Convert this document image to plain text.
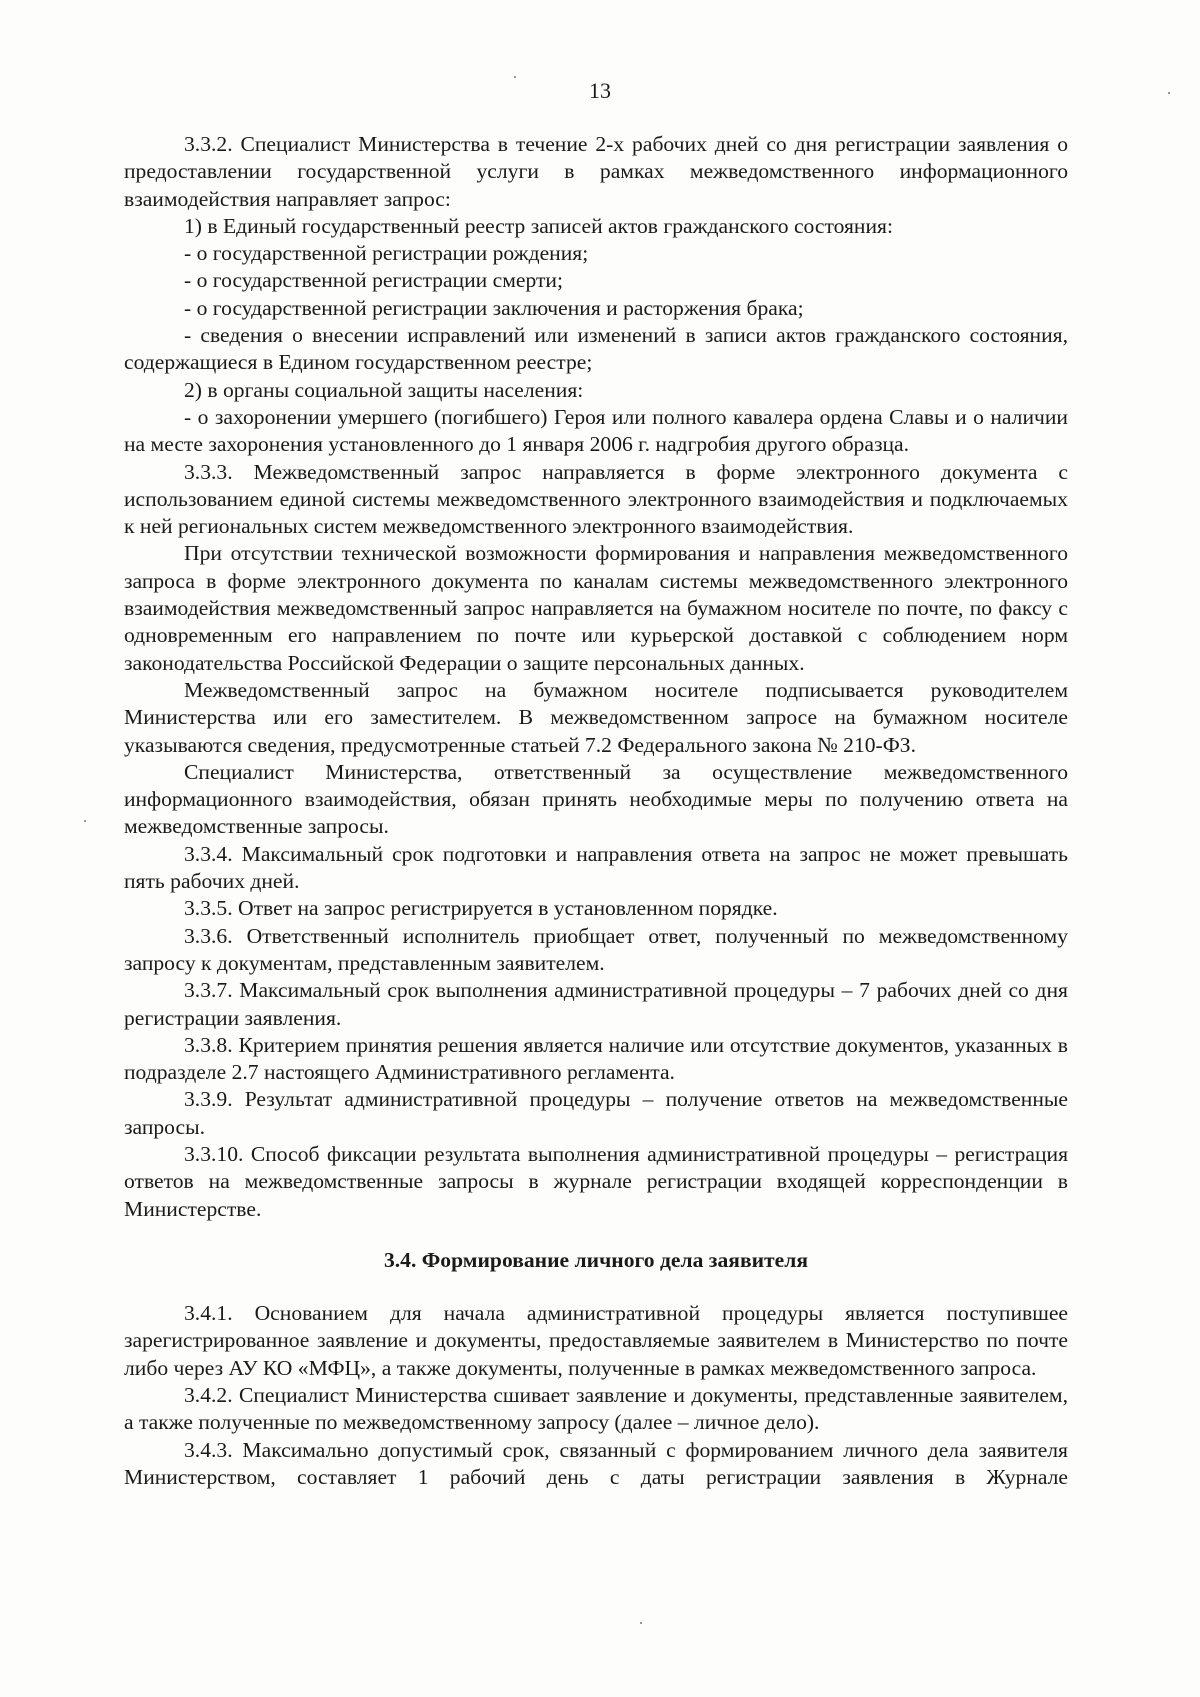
13

3.3.2. Специалист Министерства в течение 2-х рабочих дней со дня регистрации заявления о предоставлении государственной услуги в рамках межведомственного информационного взаимодействия направляет запрос:

1) в Единый государственный реестр записей актов гражданского состояния:

- о государственной регистрации рождения;

- о государственной регистрации смерти;

- о государственной регистрации заключения и расторжения брака;

- сведения о внесении исправлений или изменений в записи актов гражданского состояния, содержащиеся в Едином государственном реестре;

2) в органы социальной защиты населения:

- о захоронении умершего (погибшего) Героя или полного кавалера ордена Славы и о наличии на месте захоронения установленного до 1 января 2006 г. надгробия другого образца.

3.3.3. Межведомственный запрос направляется в форме электронного документа с использованием единой системы межведомственного электронного взаимодействия и подключаемых к ней региональных систем межведомственного электронного взаимодействия.

При отсутствии технической возможности формирования и направления межведомственного запроса в форме электронного документа по каналам системы межведомственного электронного взаимодействия межведомственный запрос направляется на бумажном носителе по почте, по факсу с одновременным его направлением по почте или курьерской доставкой с соблюдением норм законодательства Российской Федерации о защите персональных данных.

Межведомственный запрос на бумажном носителе подписывается руководителем Министерства или его заместителем. В межведомственном запросе на бумажном носителе указываются сведения, предусмотренные статьей 7.2 Федерального закона № 210-ФЗ.

Специалист Министерства, ответственный за осуществление межведомственного информационного взаимодействия, обязан принять необходимые меры по получению ответа на межведомственные запросы.

3.3.4. Максимальный срок подготовки и направления ответа на запрос не может превышать пять рабочих дней.

3.3.5. Ответ на запрос регистрируется в установленном порядке.

3.3.6. Ответственный исполнитель приобщает ответ, полученный по межведомственному запросу к документам, представленным заявителем.

3.3.7. Максимальный срок выполнения административной процедуры – 7 рабочих дней со дня регистрации заявления.

3.3.8. Критерием принятия решения является наличие или отсутствие документов, указанных в подразделе 2.7 настоящего Административного регламента.

3.3.9. Результат административной процедуры – получение ответов на межведомственные запросы.

3.3.10. Способ фиксации результата выполнения административной процедуры – регистрация ответов на межведомственные запросы в журнале регистрации входящей корреспонденции в Министерстве.

3.4. Формирование личного дела заявителя

3.4.1. Основанием для начала административной процедуры является поступившее зарегистрированное заявление и документы, предоставляемые заявителем в Министерство по почте либо через АУ КО «МФЦ», а также документы, полученные в рамках межведомственного запроса.

3.4.2. Специалист Министерства сшивает заявление и документы, представленные заявителем, а также полученные по межведомственному запросу (далее – личное дело).

3.4.3. Максимально допустимый срок, связанный с формированием личного дела заявителя Министерством, составляет 1 рабочий день с даты регистрации заявления в Журнале
